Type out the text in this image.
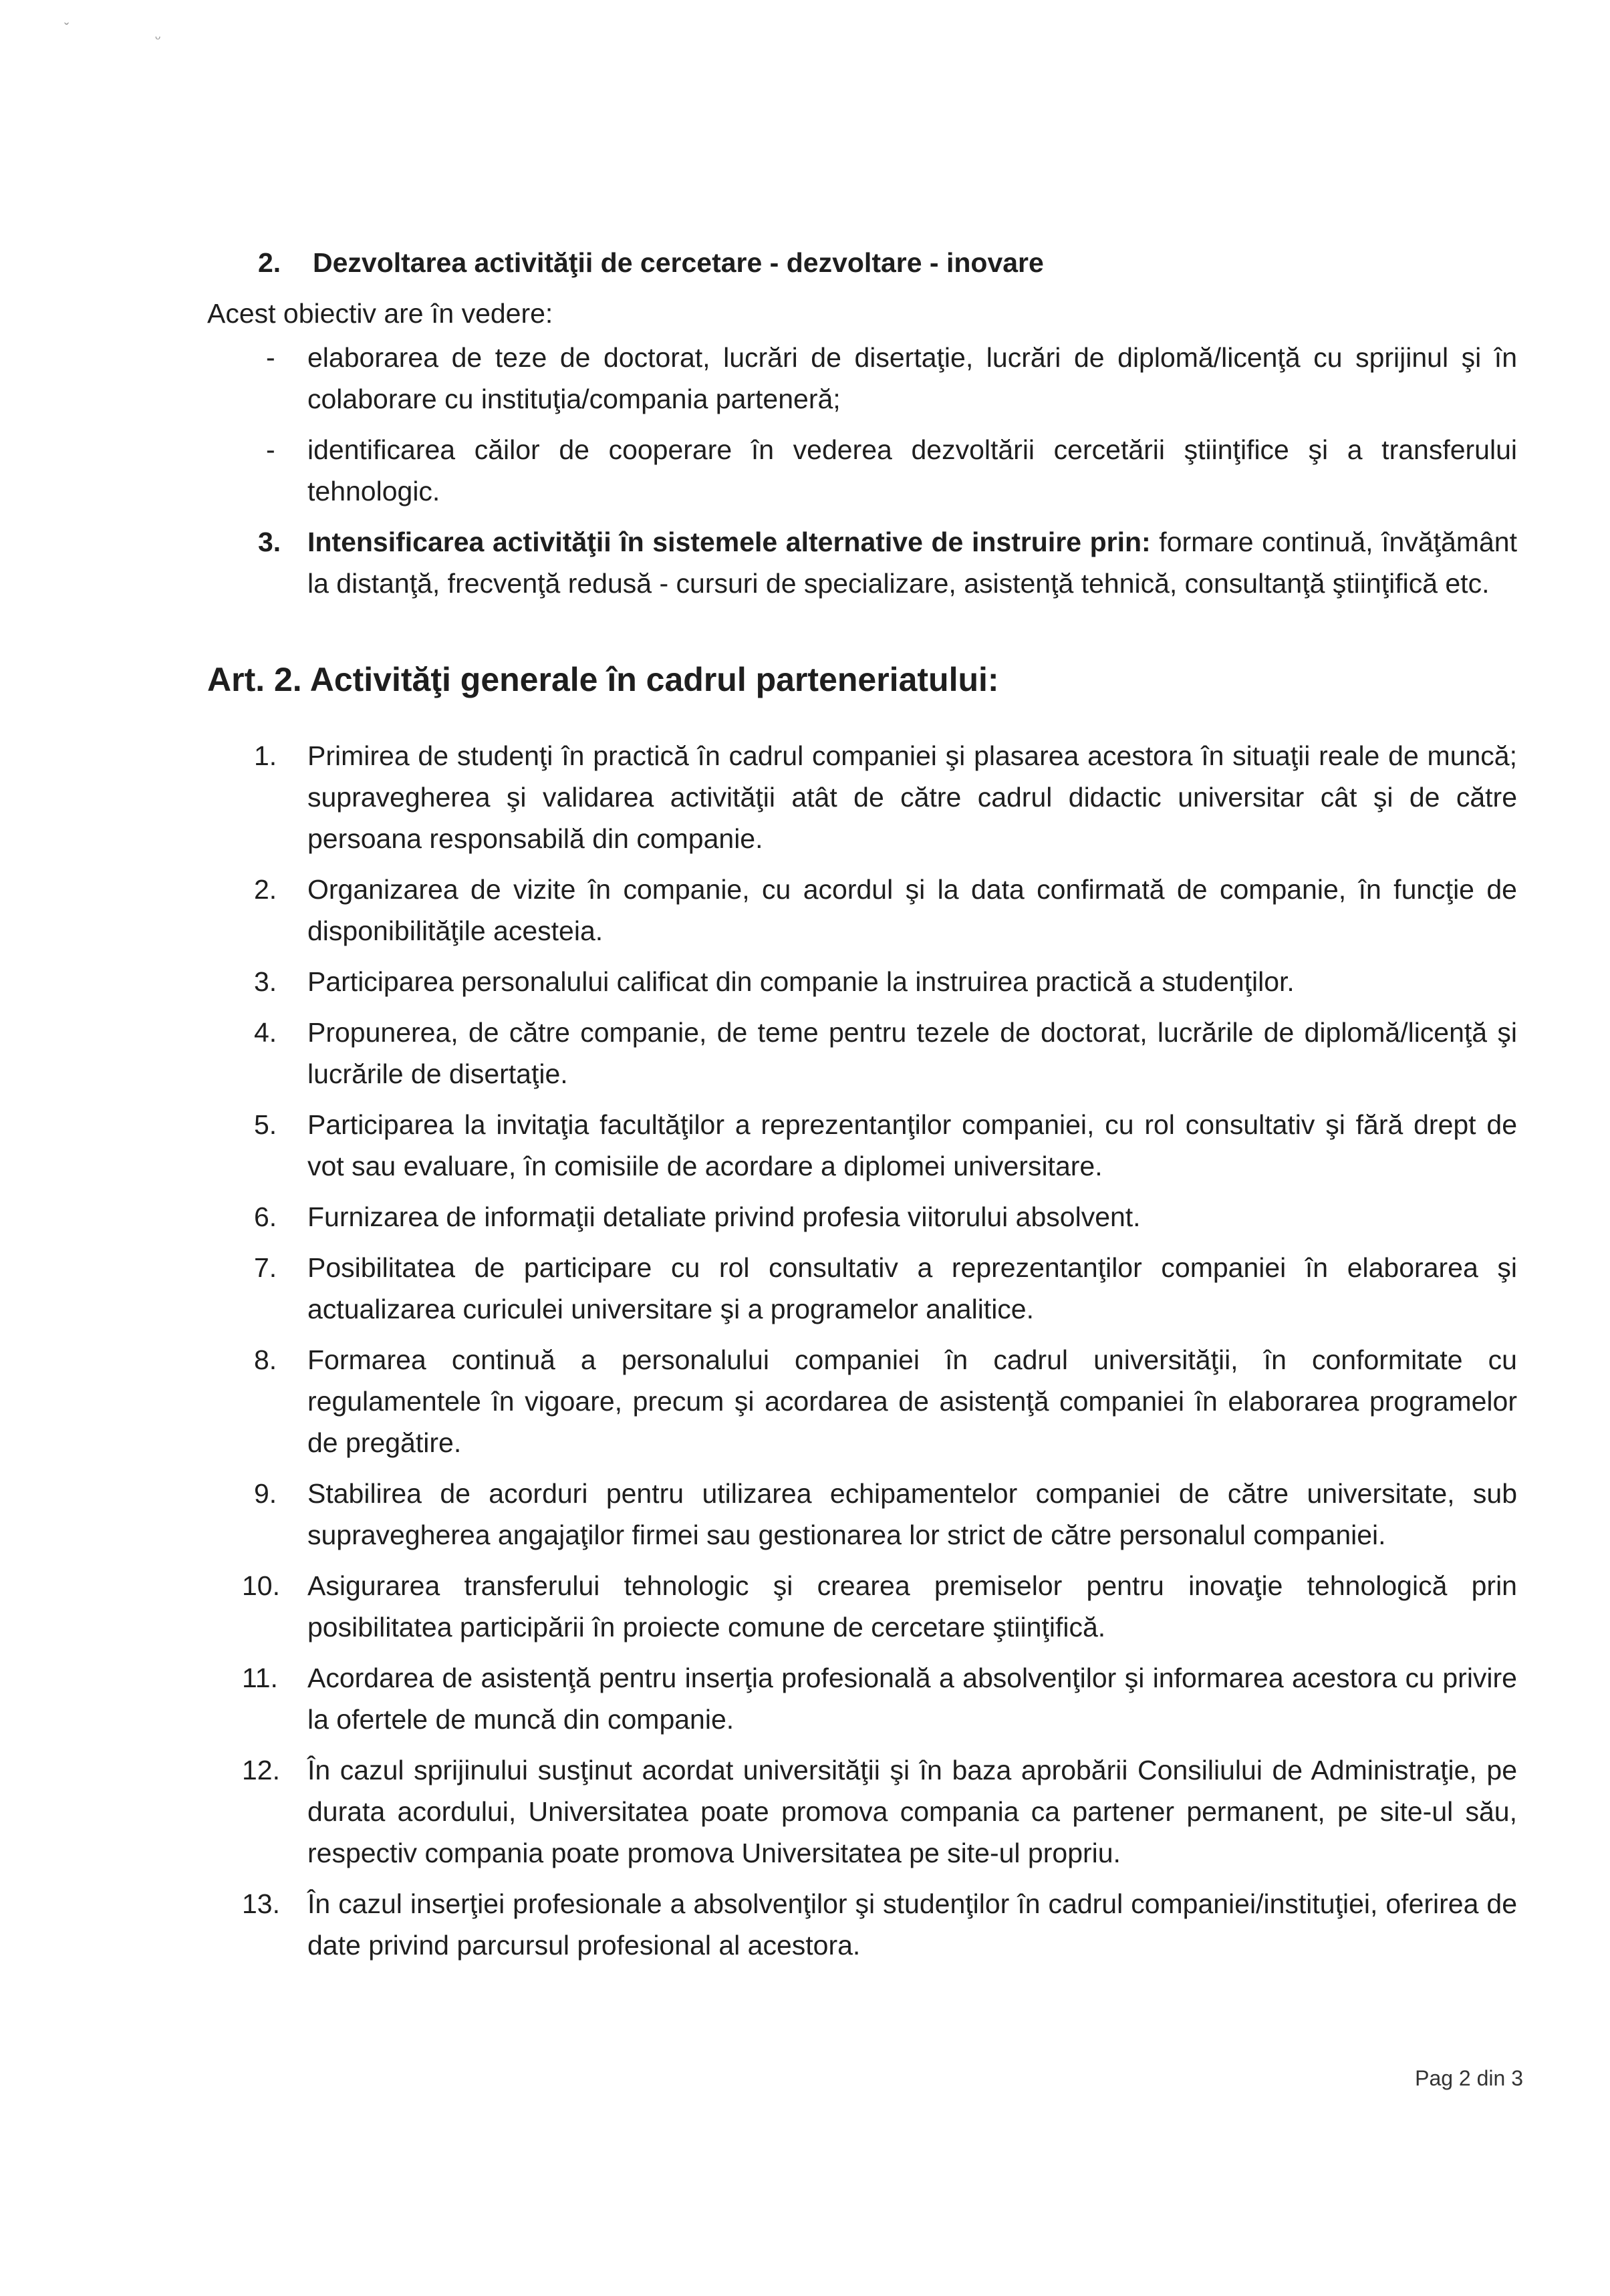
ˇ
ᵕ
2. Dezvoltarea activităţii de cercetare - dezvoltare - inovare
Acest obiectiv are în vedere:
- elaborarea de teze de doctorat, lucrări de disertaţie, lucrări de diplomă/licenţă cu sprijinul şi în colaborare cu instituţia/compania parteneră;
- identificarea căilor de cooperare în vederea dezvoltării cercetării ştiinţifice şi a transferului tehnologic.
3. Intensificarea activităţii în sistemele alternative de instruire prin: formare continuă, învăţământ la distanţă, frecvenţă redusă - cursuri de specializare, asistenţă tehnică, consultanţă ştiinţifică etc.
Art. 2. Activităţi generale în cadrul parteneriatului:
1. Primirea de studenţi în practică în cadrul companiei şi plasarea acestora în situaţii reale de muncă; supravegherea şi validarea activităţii atât de către cadrul didactic universitar cât şi de către persoana responsabilă din companie.
2. Organizarea de vizite în companie, cu acordul şi la data confirmată de companie, în funcţie de disponibilităţile acesteia.
3. Participarea personalului calificat din companie la instruirea practică a studenţilor.
4. Propunerea, de către companie, de teme pentru tezele de doctorat, lucrările de diplomă/licenţă şi lucrările de disertaţie.
5. Participarea la invitaţia facultăţilor a reprezentanţilor companiei, cu rol consultativ şi fără drept de vot sau evaluare, în comisiile de acordare a diplomei universitare.
6. Furnizarea de informaţii detaliate privind profesia viitorului absolvent.
7. Posibilitatea de participare cu rol consultativ a reprezentanţilor companiei în elaborarea şi actualizarea curiculei universitare şi a programelor analitice.
8. Formarea continuă a personalului companiei în cadrul universităţii, în conformitate cu regulamentele în vigoare, precum şi acordarea de asistenţă companiei în elaborarea programelor de pregătire.
9. Stabilirea de acorduri pentru utilizarea echipamentelor companiei de către universitate, sub supravegherea angajaţilor firmei sau gestionarea lor strict de către personalul companiei.
10. Asigurarea transferului tehnologic şi crearea premiselor pentru inovaţie tehnologică prin posibilitatea participării în proiecte comune de cercetare ştiinţifică.
11. Acordarea de asistenţă pentru inserţia profesională a absolvenţilor şi informarea acestora cu privire la ofertele de muncă din companie.
12. În cazul sprijinului susţinut acordat universităţii şi în baza aprobării Consiliului de Administraţie, pe durata acordului, Universitatea poate promova compania ca partener permanent, pe site-ul său, respectiv compania poate promova Universitatea pe site-ul propriu.
13. În cazul inserţiei profesionale a absolvenţilor şi studenţilor în cadrul companiei/instituţiei, oferirea de date privind parcursul profesional al acestora.
Pag 2 din 3
